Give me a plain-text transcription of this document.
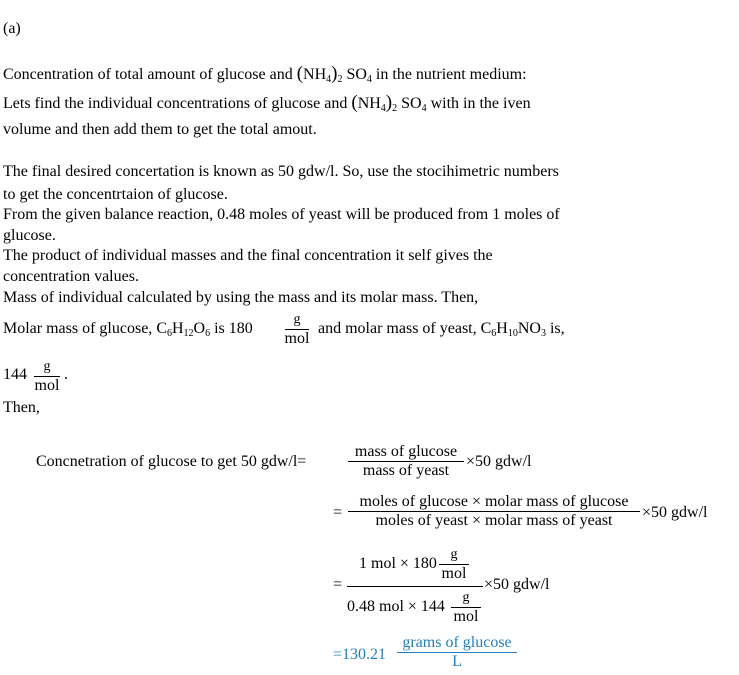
(a)
Concentration of total amount of glucose and $(NH_4)_2$ $SO_4$ in the nutrient medium:
Lets find the individual concentrations of glucose and $(NH_4)_2$ $SO_4$ with in the iven
volume and then add them to get the total amout.
The final desired concertation is known as 50 gdw/l. So, use the stocihimetric numbers
to get the concentrtaion of glucose.
From the given balance reaction, 0.48 moles of yeast will be produced from 1 moles of
glucose.
The product of individual masses and the final concentration it self gives the
concentration values.
Mass of individual calculated by using the mass and its molar mass. Then,
Molar mass of glucose, $C_6H_{12}O_6$ is 180
g
mol
and molar mass of yeast, $C_6H_{10}NO_3$ is,
144	g
mol
.
Then,
Concnetration of glucose to get 50 gdw/l=
mass of glucose
mass of yeast
×50 gdw/l
=
moles of glucose × molar mass of glucose
moles of yeast × molar mass of yeast	×50 gdw/l
=
1 mol × 180
g
mol
0.48 mol × 144
g
mol
×50 gdw/l
=130.21
grams of glucose
L
